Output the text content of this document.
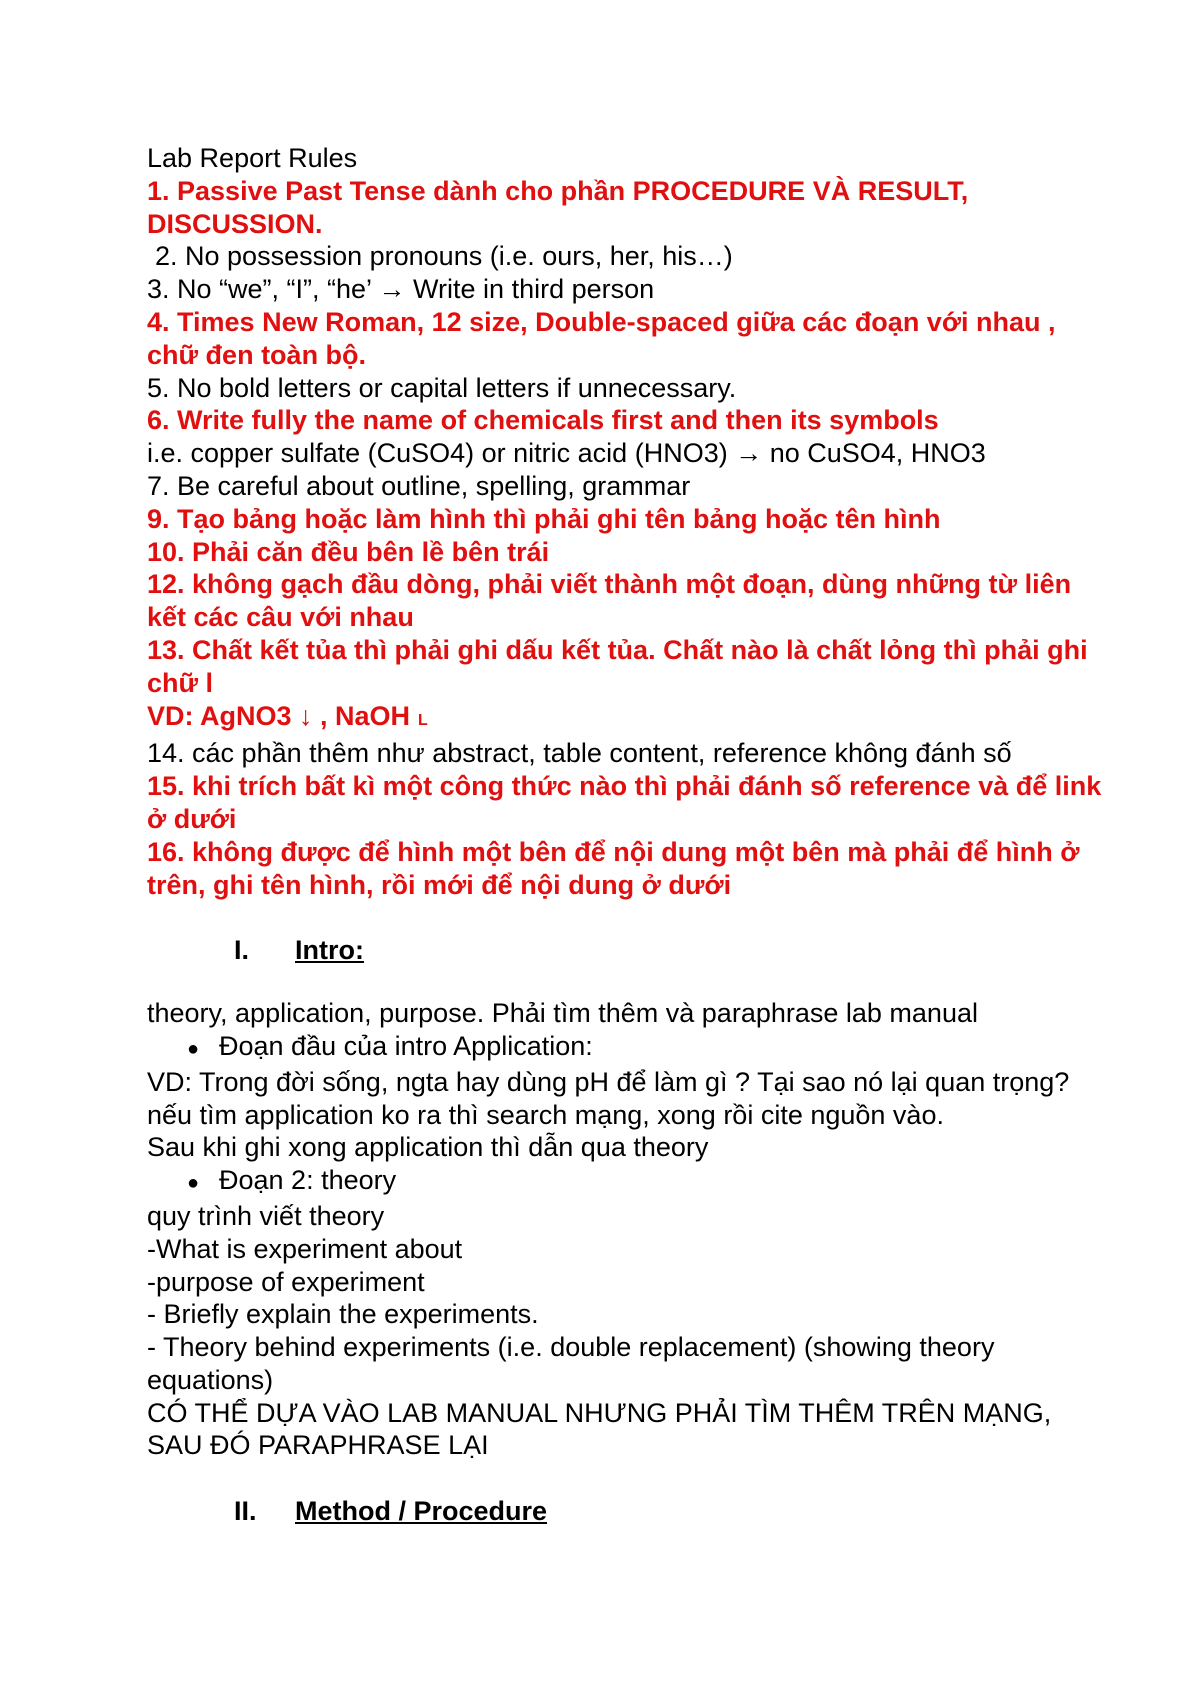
Lab Report Rules
1. Passive Past Tense dành cho phần PROCEDURE VÀ RESULT, DISCUSSION.
2. No possession pronouns (i.e. ours, her, his…)
3. No “we”, “I”, “he’ → Write in third person
4. Times New Roman, 12 size, Double-spaced giữa các đoạn với nhau , chữ đen toàn bộ.
5. No bold letters or capital letters if unnecessary.
6. Write fully the name of chemicals first and then its symbols
i.e. copper sulfate (CuSO4) or nitric acid (HNO3) → no CuSO4, HNO3
7. Be careful about outline, spelling, grammar
9. Tạo bảng hoặc làm hình thì phải ghi tên bảng hoặc tên hình
10. Phải căn đều bên lề bên trái
12. không gạch đầu dòng, phải viết thành một đoạn, dùng những từ liên kết các câu với nhau
13. Chất kết tủa thì phải ghi dấu kết tủa. Chất nào là chất lỏng thì phải ghi chữ l
VD: AgNO3 ↓ , NaOH L
14. các phần thêm như abstract, table content, reference không đánh số
15. khi trích bất kì một công thức nào thì phải đánh số reference và để link ở dưới
16. không được để hình một bên để nội dung một bên mà phải để hình ở trên, ghi tên hình, rồi mới để nội dung ở dưới
I.	Intro:
theory, application, purpose. Phải tìm thêm và paraphrase lab manual
● Đoạn đầu của intro Application:
VD: Trong đời sống, ngta hay dùng pH để làm gì ? Tại sao nó lại quan trọng?
nếu tìm application ko ra thì search mạng, xong rồi cite nguồn vào.
Sau khi ghi xong application thì dẫn qua theory
● Đoạn 2: theory
quy trình viết theory
-What is experiment about
-purpose of experiment
- Briefly explain the experiments.
- Theory behind experiments (i.e. double replacement) (showing theory equations)
CÓ THỂ DỰA VÀO LAB MANUAL NHƯNG PHẢI TÌM THÊM TRÊN MẠNG, SAU ĐÓ PARAPHRASE LẠI
II.	Method / Procedure
